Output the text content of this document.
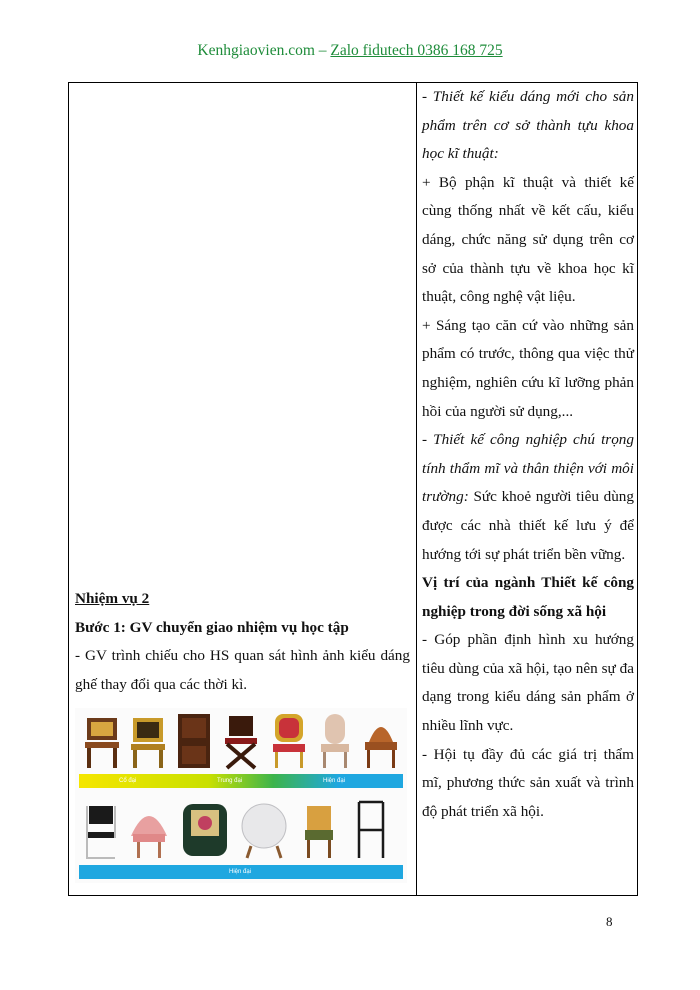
Kenhgiaovien.com – Zalo fidutech 0386 168 725

- Thiết kế kiểu dáng mới cho sản phẩm trên cơ sở thành tựu khoa học kĩ thuật:

+ Bộ phận kĩ thuật và thiết kế cùng thống nhất về kết cấu, kiểu dáng, chức năng sử dụng trên cơ sở của thành tựu về khoa học kĩ thuật, công nghệ vật liệu.

+ Sáng tạo căn cứ vào những sản phẩm có trước, thông qua việc thử nghiệm, nghiên cứu kĩ lưỡng phản hồi của người sử dụng,...

- Thiết kế công nghiệp chú trọng tính thẩm mĩ và thân thiện với môi trường: Sức khoẻ người tiêu dùng được các nhà thiết kế lưu ý để hướng tới sự phát triển bền vững.

Vị trí của ngành Thiết kế công nghiệp trong đời sống xã hội

- Góp phần định hình xu hướng tiêu dùng của xã hội, tạo nên sự đa dạng trong kiểu dáng sản phẩm ở nhiều lĩnh vực.

- Hội tụ đầy đủ các giá trị thẩm mĩ, phương thức sản xuất và trình độ phát triển xã hội.

Nhiệm vụ 2

Bước 1: GV chuyển giao nhiệm vụ học tập

- GV trình chiếu cho HS quan sát hình ảnh kiểu dáng ghế thay đổi qua các thời kì.

Cổ đại	Trung đại	Hiện đại
Hiện đại
8
